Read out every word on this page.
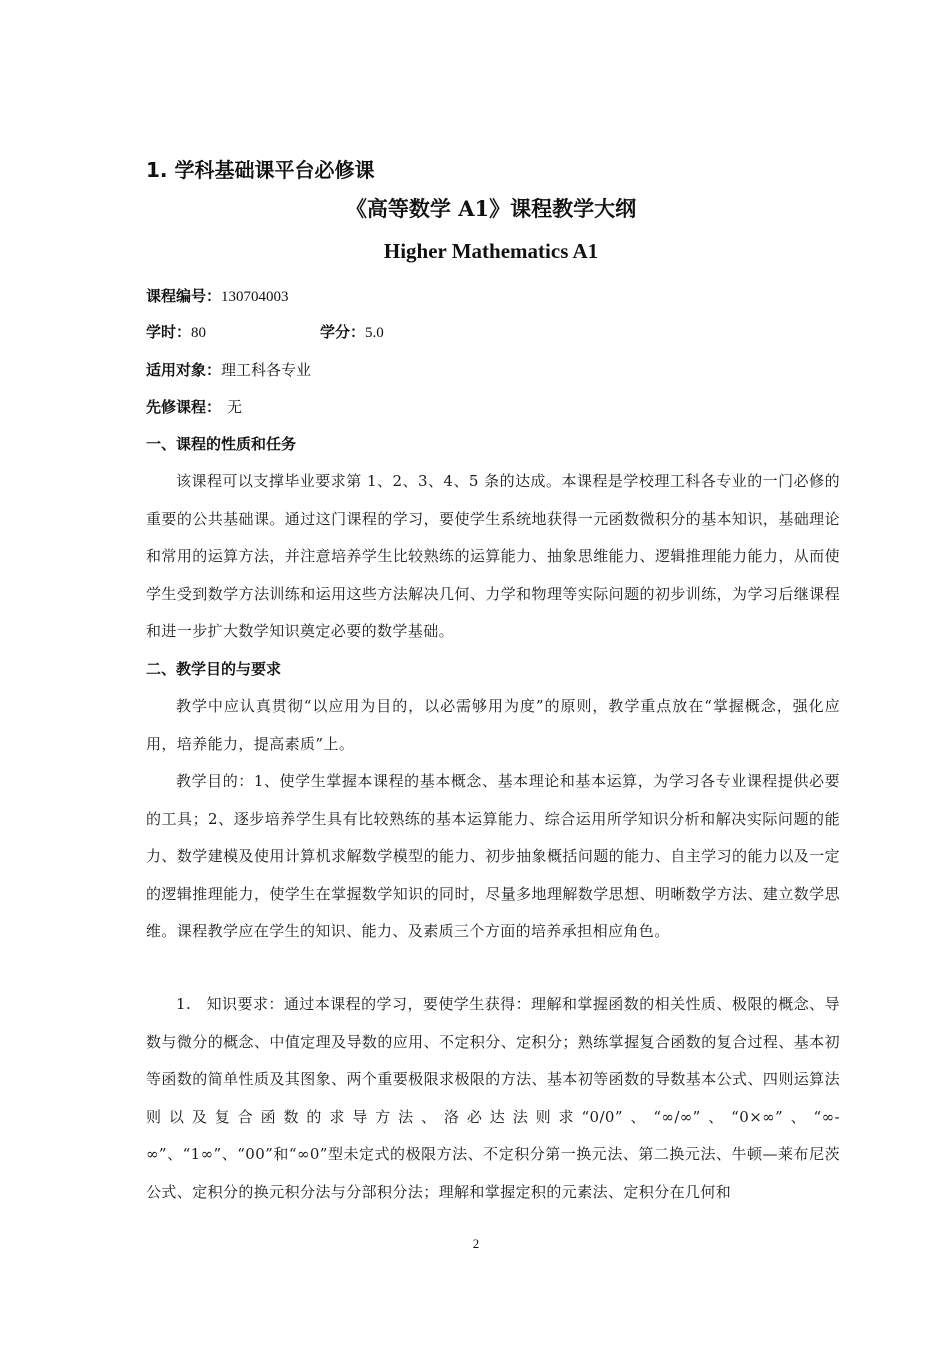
1. 学科基础课平台必修课
《高等数学 A1》课程教学大纲
Higher Mathematics A1
课程编号：130704003
学时：80	学分：5.0
适用对象：理工科各专业
先修课程： 无
一、课程的性质和任务

该课程可以支撑毕业要求第 1、2、3、4、5 条的达成。本课程是学校理工科各专业的一门必修的重要的公共基础课。通过这门课程的学习，要使学生系统地获得一元函数微积分的基本知识，基础理论和常用的运算方法，并注意培养学生比较熟练的运算能力、抽象思维能力、逻辑推理能力能力，从而使学生受到数学方法训练和运用这些方法解决几何、力学和物理等实际问题的初步训练，为学习后继课程和进一步扩大数学知识奠定必要的数学基础。

二、教学目的与要求

教学中应认真贯彻“以应用为目的，以必需够用为度”的原则，教学重点放在“掌握概念，强化应用，培养能力，提高素质”上。

教学目的：1、使学生掌握本课程的基本概念、基本理论和基本运算，为学习各专业课程提供必要的工具；2、逐步培养学生具有比较熟练的基本运算能力、综合运用所学知识分析和解决实际问题的能力、数学建模及使用计算机求解数学模型的能力、初步抽象概括问题的能力、自主学习的能力以及一定的逻辑推理能力，使学生在掌握数学知识的同时，尽量多地理解数学思想、明晰数学方法、建立数学思维。课程教学应在学生的知识、能力、及素质三个方面的培养承担相应角色。

1.　知识要求：通过本课程的学习，要使学生获得：理解和掌握函数的相关性质、极限的概念、导数与微分的概念、中值定理及导数的应用、不定积分、定积分；熟练掌握复合函数的复合过程、基本初等函数的简单性质及其图象、两个重要极限求极限的方法、基本初等函数的导数基本公式、四则运算法则以及复合函数的求导方法、洛必达法则求“0/0”、“∞/∞”、“0×∞”、“∞-∞”、“1∞”、“00”和“∞0”型未定式的极限方法、不定积分第一换元法、第二换元法、牛顿—莱布尼茨公式、定积分的换元积分法与分部积分法；理解和掌握定积的元素法、定积分在几何和

2
